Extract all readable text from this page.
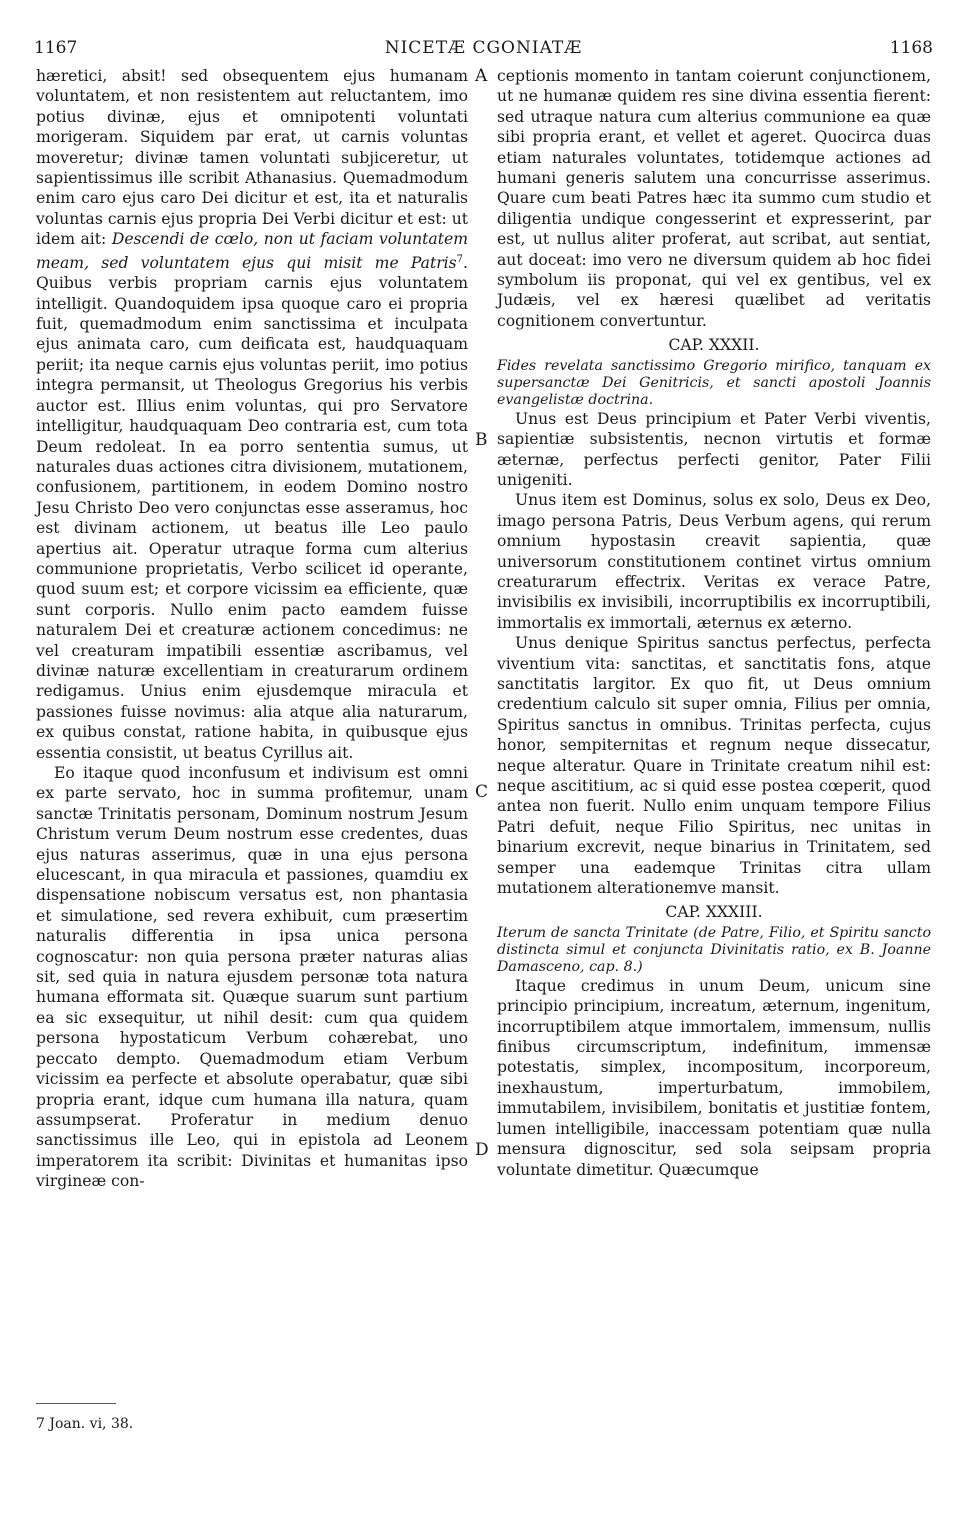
1167	NICETÆ CGONIATÆ	1168

hæretici, absit! sed obsequentem ejus humanam voluntatem, et non resistentem aut reluctantem, imo potius divinæ, ejus et omnipotenti voluntati morigeram. Siquidem par erat, ut carnis voluntas moveretur; divinæ tamen voluntati subjiceretur, ut sapientissimus ille scribit Athanasius. Quemadmodum enim caro ejus caro Dei dicitur et est, ita et naturalis voluntas carnis ejus propria Dei Verbi dicitur et est: ut idem ait: Descendi de cœlo, non ut faciam voluntatem meam, sed voluntatem ejus qui misit me Patris$^7$. Quibus verbis propriam carnis ejus voluntatem intelligit. Quandoquidem ipsa quoque caro ei propria fuit, quemadmodum enim sanctissima et inculpata ejus animata caro, cum deificata est, haudquaquam periit; ita neque carnis ejus voluntas periit, imo potius integra permansit, ut Theologus Gregorius his verbis auctor est. Illius enim voluntas, qui pro Servatore intelligitur, haudquaquam Deo contraria est, cum tota Deum redoleat. In ea porro sententia sumus, ut naturales duas actiones citra divisionem, mutationem, confusionem, partitionem, in eodem Domino nostro Jesu Christo Deo vero conjunctas esse asseramus, hoc est divinam actionem, ut beatus ille Leo paulo apertius ait. Operatur utraque forma cum alterius communione proprietatis, Verbo scilicet id operante, quod suum est; et corpore vicissim ea efficiente, quæ sunt corporis. Nullo enim pacto eamdem fuisse naturalem Dei et creaturæ actionem concedimus: ne vel creaturam impatibili essentiæ ascribamus, vel divinæ naturæ excellentiam in creaturarum ordinem redigamus. Unius enim ejusdemque miracula et passiones fuisse novimus: alia atque alia naturarum, ex quibus constat, ratione habita, in quibusque ejus essentia consistit, ut beatus Cyrillus ait.

Eo itaque quod inconfusum et indivisum est omni ex parte servato, hoc in summa profitemur, unam sanctæ Trinitatis personam, Dominum nostrum Jesum Christum verum Deum nostrum esse credentes, duas ejus naturas asserimus, quæ in una ejus persona elucescant, in qua miracula et passiones, quamdiu ex dispensatione nobiscum versatus est, non phantasia et simulatione, sed revera exhibuit, cum præsertim naturalis differentia in ipsa unica persona cognoscatur: non quia persona præter naturas alias sit, sed quia in natura ejusdem personæ tota natura humana efformata sit. Quæque suarum sunt partium ea sic exsequitur, ut nihil desit: cum qua quidem persona hypostaticum Verbum cohærebat, uno peccato dempto. Quemadmodum etiam Verbum vicissim ea perfecte et absolute operabatur, quæ sibi propria erant, idque cum humana illa natura, quam assumpserat. Proferatur in medium denuo sanctissimus ille Leo, qui in epistola ad Leonem imperatorem ita scribit: Divinitas et humanitas ipso virgineæ con-

A
B
C
D

ceptionis momento in tantam coierunt conjunctionem, ut ne humanæ quidem res sine divina essentia fierent: sed utraque natura cum alterius communione ea quæ sibi propria erant, et vellet et ageret. Quocirca duas etiam naturales voluntates, totidemque actiones ad humani generis salutem una concurrisse asserimus. Quare cum beati Patres hæc ita summo cum studio et diligentia undique congesserint et expresserint, par est, ut nullus aliter proferat, aut scribat, aut sentiat, aut doceat: imo vero ne diversum quidem ab hoc fidei symbolum iis proponat, qui vel ex gentibus, vel ex Judæis, vel ex hæresi quælibet ad veritatis cognitionem convertuntur.

CAP. XXXII.

Fides revelata sanctissimo Gregorio mirifico, tanquam ex supersanctæ Dei Genitricis, et sancti apostoli Joannis evangelistæ doctrina.

Unus est Deus principium et Pater Verbi viventis, sapientiæ subsistentis, necnon virtutis et formæ æternæ, perfectus perfecti genitor, Pater Filii unigeniti.

Unus item est Dominus, solus ex solo, Deus ex Deo, imago persona Patris, Deus Verbum agens, qui rerum omnium hypostasin creavit sapientia, quæ universorum constitutionem continet virtus omnium creaturarum effectrix. Veritas ex verace Patre, invisibilis ex invisibili, incorruptibilis ex incorruptibili, immortalis ex immortali, æternus ex æterno.

Unus denique Spiritus sanctus perfectus, perfecta viventium vita: sanctitas, et sanctitatis fons, atque sanctitatis largitor. Ex quo fit, ut Deus omnium credentium calculo sit super omnia, Filius per omnia, Spiritus sanctus in omnibus. Trinitas perfecta, cujus honor, sempiternitas et regnum neque dissecatur, neque alteratur. Quare in Trinitate creatum nihil est: neque ascititium, ac si quid esse postea cœperit, quod antea non fuerit. Nullo enim unquam tempore Filius Patri defuit, neque Filio Spiritus, nec unitas in binarium excrevit, neque binarius in Trinitatem, sed semper una eademque Trinitas citra ullam mutationem alterationemve mansit.

CAP. XXXIII.

Iterum de sancta Trinitate (de Patre, Filio, et Spiritu sancto distincta simul et conjuncta Divinitatis ratio, ex B. Joanne Damasceno, cap. 8.)

Itaque credimus in unum Deum, unicum sine principio principium, increatum, æternum, ingenitum, incorruptibilem atque immortalem, immensum, nullis finibus circumscriptum, indefinitum, immensæ potestatis, simplex, incompositum, incorporeum, inexhaustum, imperturbatum, immobilem, immutabilem, invisibilem, bonitatis et justitiæ fontem, lumen intelligibile, inaccessam potentiam quæ nulla mensura dignoscitur, sed sola seipsam propria voluntate dimetitur. Quæcumque

7 Joan. vi, 38.
